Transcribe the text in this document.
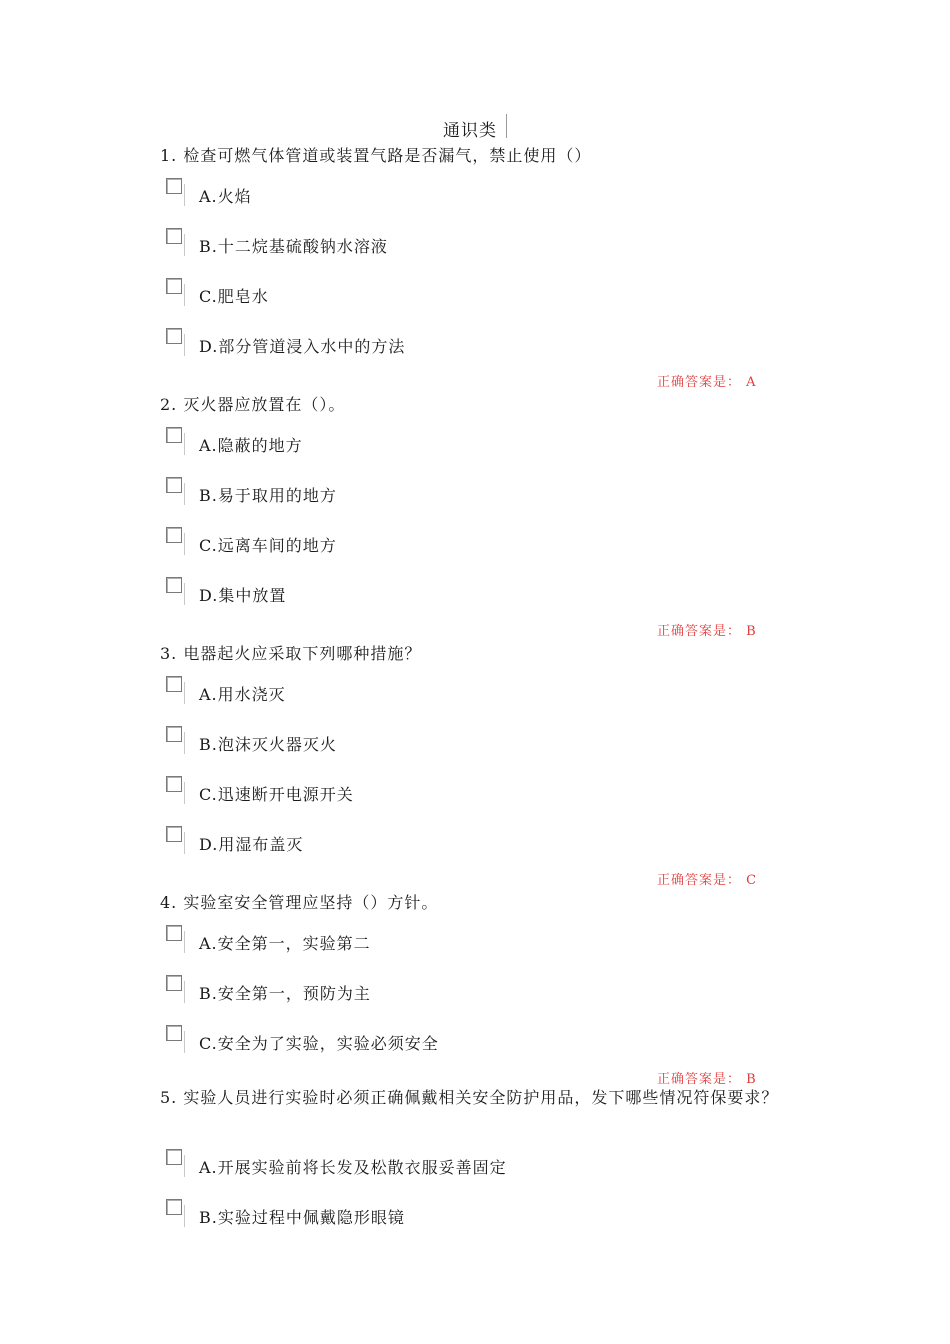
通识类
1. 检查可燃气体管道或装置气路是否漏气，禁止使用（）
A.火焰
B.十二烷基硫酸钠水溶液
C.肥皂水
D.部分管道浸入水中的方法
正确答案是： A
2. 灭火器应放置在（）。
A.隐蔽的地方
B.易于取用的地方
C.远离车间的地方
D.集中放置
正确答案是： B
3. 电器起火应采取下列哪种措施？
A.用水浇灭
B.泡沫灭火器灭火
C.迅速断开电源开关
D.用湿布盖灭
正确答案是： C
4. 实验室安全管理应坚持（）方针。
A.安全第一，实验第二
B.安全第一，预防为主
C.安全为了实验，实验必须安全
正确答案是： B
5. 实验人员进行实验时必须正确佩戴相关安全防护用品，发下哪些情况符保要求？
A.开展实验前将长发及松散衣服妥善固定
B.实验过程中佩戴隐形眼镜
